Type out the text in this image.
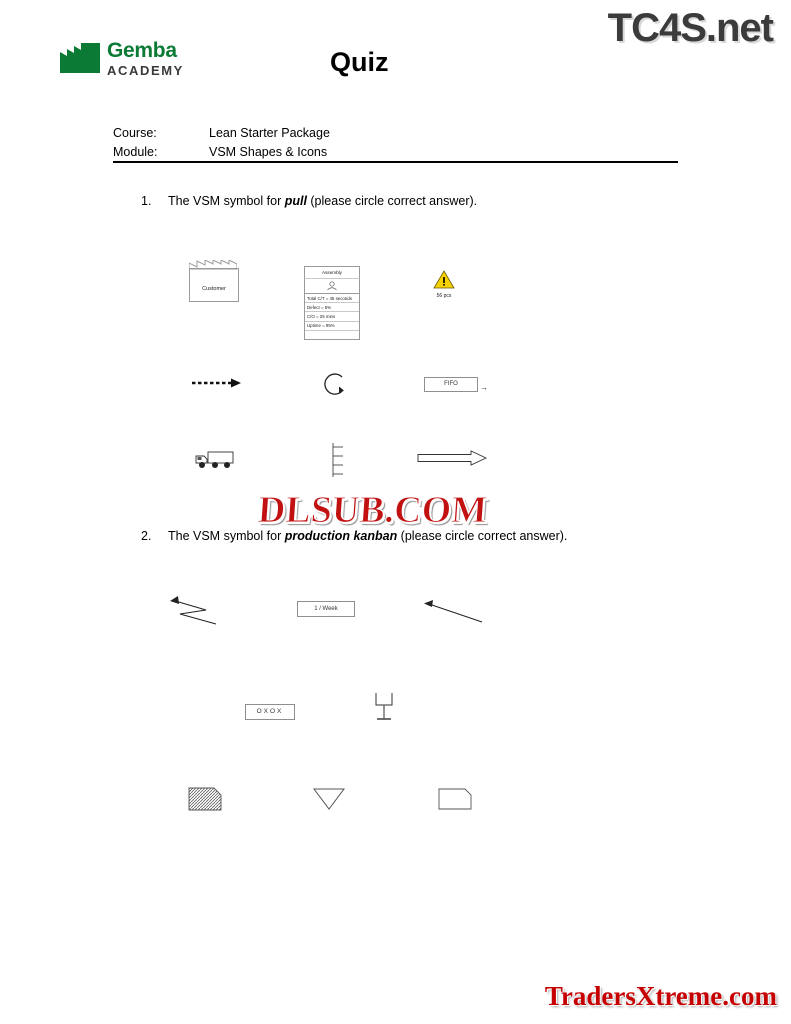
TC4S.net
DLSUB.COM
TradersXtreme.com
Gemba
ACADEMY	Quiz
Course:	Lean Starter Package
Module:	VSM Shapes & Icons
1.	The VSM symbol for pull (please circle correct answer).
Customer
Assembly
Total C/T = 45 seconds
Defect = 5%
C/O = 25 mins
Uptime = 95%

56 pcs
FIFO	→
2.	The VSM symbol for production kanban (please circle correct answer).
1 / Week
OXOX
